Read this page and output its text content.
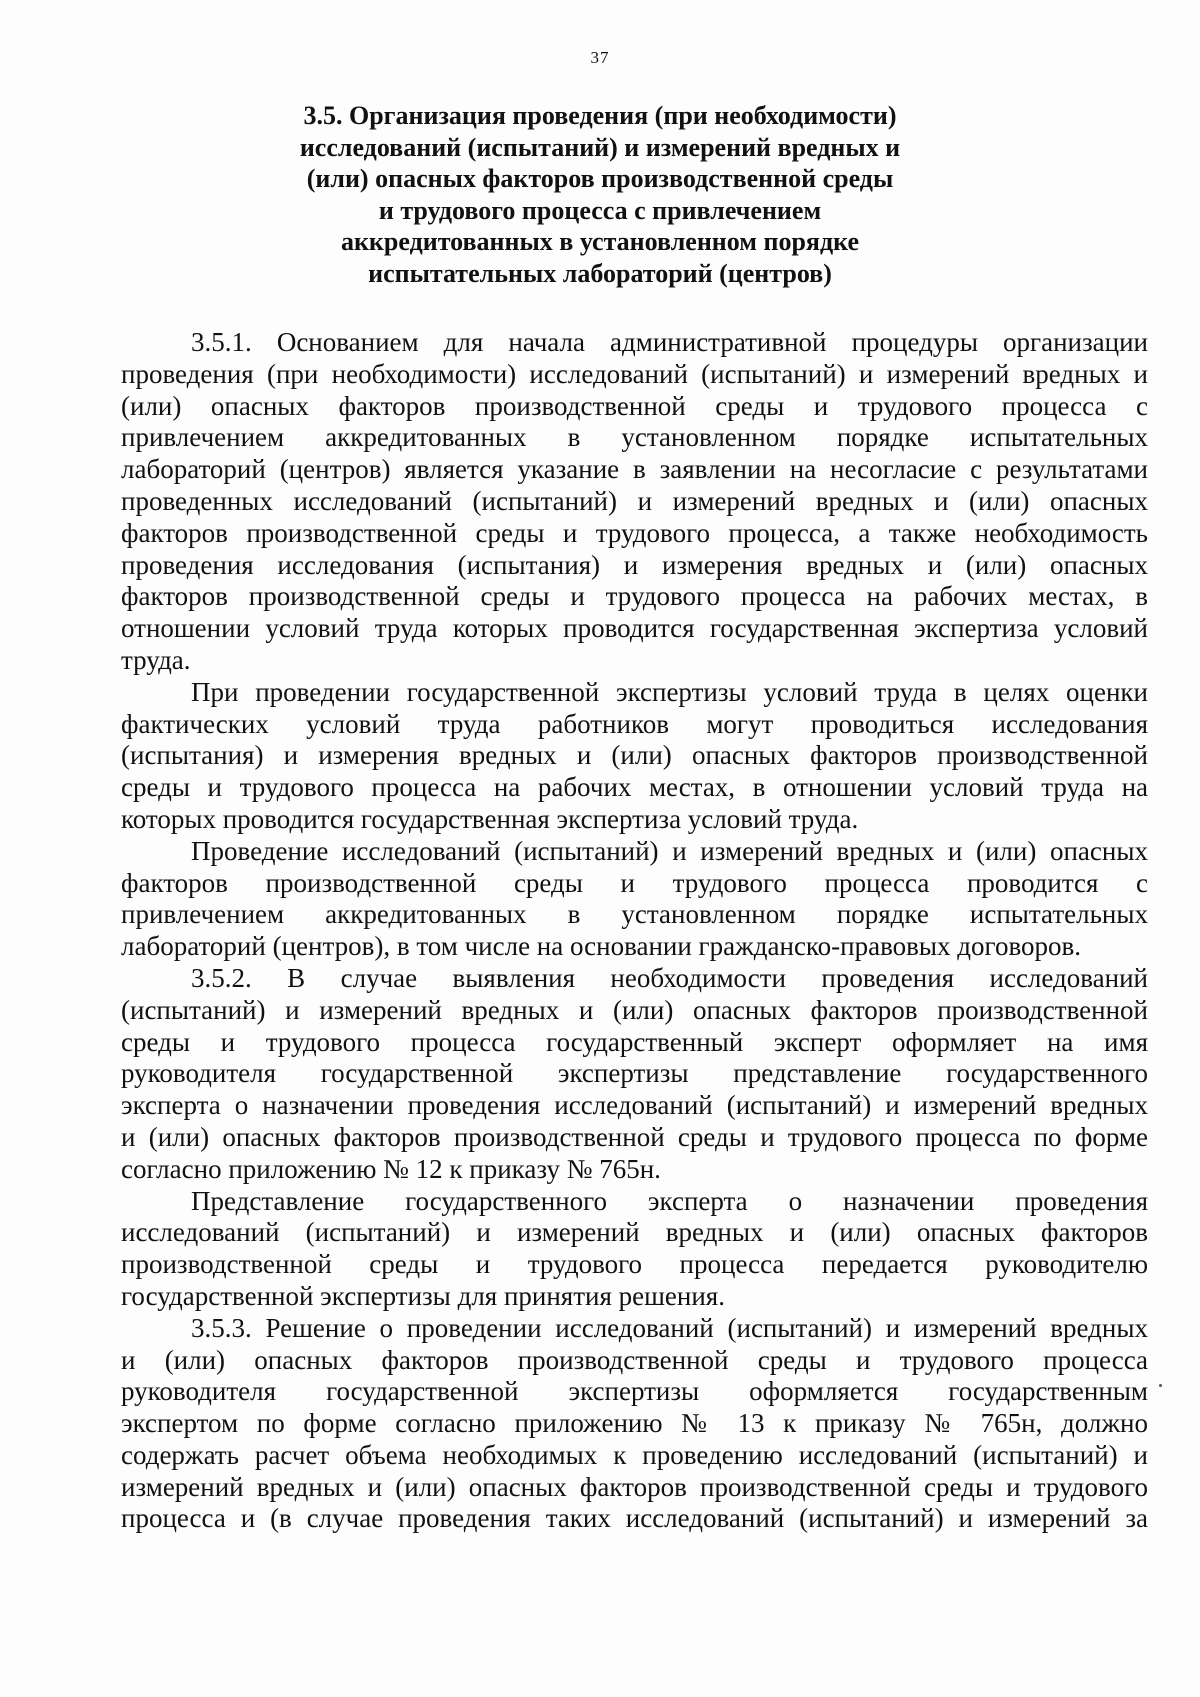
37
3.5. Организация проведения (при необходимости)
исследований (испытаний) и измерений вредных и
(или) опасных факторов производственной среды
и трудового процесса с привлечением
аккредитованных в установленном порядке
испытательных лабораторий (центров)
3.5.1. Основанием для начала административной процедуры организации
проведения (при необходимости) исследований (испытаний) и измерений вредных и
(или) опасных факторов производственной среды и трудового процесса с
привлечением аккредитованных в установленном порядке испытательных
лабораторий (центров) является указание в заявлении на несогласие с результатами
проведенных исследований (испытаний) и измерений вредных и (или) опасных
факторов производственной среды и трудового процесса, а также необходимость
проведения исследования (испытания) и измерения вредных и (или) опасных
факторов производственной среды и трудового процесса на рабочих местах, в
отношении условий труда которых проводится государственная экспертиза условий
труда.
При проведении государственной экспертизы условий труда в целях оценки
фактических условий труда работников могут проводиться исследования
(испытания) и измерения вредных и (или) опасных факторов производственной
среды и трудового процесса на рабочих местах, в отношении условий труда на
которых проводится государственная экспертиза условий труда.
Проведение исследований (испытаний) и измерений вредных и (или) опасных
факторов производственной среды и трудового процесса проводится с
привлечением аккредитованных в установленном порядке испытательных
лабораторий (центров), в том числе на основании гражданско-правовых договоров.
3.5.2. В случае выявления необходимости проведения исследований
(испытаний) и измерений вредных и (или) опасных факторов производственной
среды и трудового процесса государственный эксперт оформляет на имя
руководителя государственной экспертизы представление государственного
эксперта о назначении проведения исследований (испытаний) и измерений вредных
и (или) опасных факторов производственной среды и трудового процесса по форме
согласно приложению № 12 к приказу № 765н.
Представление государственного эксперта о назначении проведения
исследований (испытаний) и измерений вредных и (или) опасных факторов
производственной среды и трудового процесса передается руководителю
государственной экспертизы для принятия решения.
3.5.3. Решение о проведении исследований (испытаний) и измерений вредных
и (или) опасных факторов производственной среды и трудового процесса
руководителя государственной экспертизы оформляется государственным
экспертом по форме согласно приложению № 13 к приказу № 765н, должно
содержать расчет объема необходимых к проведению исследований (испытаний) и
измерений вредных и (или) опасных факторов производственной среды и трудового
процесса и (в случае проведения таких исследований (испытаний) и измерений за
